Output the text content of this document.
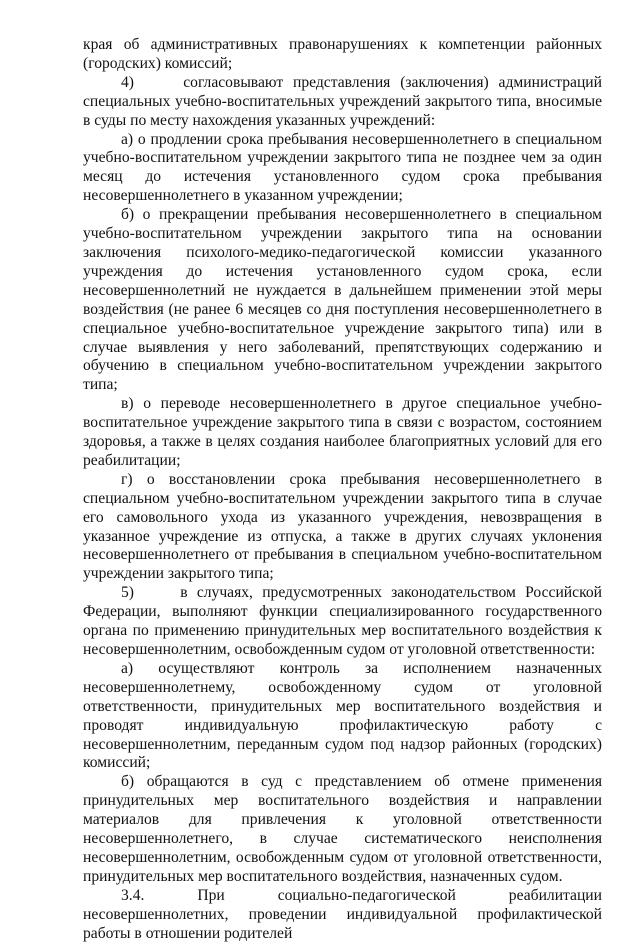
края об административных правонарушениях к компетенции районных (городских) комиссий;

4)     согласовывают представления (заключения) администраций специальных учебно-воспитательных учреждений закрытого типа, вносимые в суды по месту нахождения указанных учреждений:

а) о продлении срока пребывания несовершеннолетнего в специальном учебно-воспитательном учреждении закрытого типа не позднее чем за один месяц до истечения установленного судом срока пребывания несовершеннолетнего в указанном учреждении;

б) о прекращении пребывания несовершеннолетнего в специальном учебно-воспитательном учреждении закрытого типа на основании заключения психолого-медико-педагогической комиссии указанного учреждения до истечения установленного судом срока, если несовершеннолетний не нуждается в дальнейшем применении этой меры воздействия (не ранее 6 месяцев со дня поступления несовершеннолетнего в специальное учебно-воспитательное учреждение закрытого типа) или в случае выявления у него заболеваний, препятствующих содержанию и обучению в специальном учебно-воспитательном учреждении закрытого типа;

в) о переводе несовершеннолетнего в другое специальное учебно-воспитательное учреждение закрытого типа в связи с возрастом, состоянием здоровья, а также в целях создания наиболее благоприятных условий для его реабилитации;

г) о восстановлении срока пребывания несовершеннолетнего в специальном учебно-воспитательном учреждении закрытого типа в случае его самовольного ухода из указанного учреждения, невозвращения в указанное учреждение из отпуска, а также в других случаях уклонения несовершеннолетнего от пребывания в специальном учебно-воспитательном учреждении закрытого типа;

5)     в случаях, предусмотренных законодательством Российской Федерации, выполняют функции специализированного государственного органа по применению принудительных мер воспитательного воздействия к несовершеннолетним, освобожденным судом от уголовной ответственности:

а) осуществляют контроль за исполнением назначенных несовершеннолетнему, освобожденному судом от уголовной ответственности, принудительных мер воспитательного воздействия и проводят индивидуальную профилактическую работу с несовершеннолетним, переданным судом под надзор районных (городских) комиссий;

б) обращаются в суд с представлением об отмене применения принудительных мер воспитательного воздействия и направлении материалов для привлечения к уголовной ответственности несовершеннолетнего, в случае систематического неисполнения несовершеннолетним, освобожденным судом от уголовной ответственности, принудительных мер воспитательного воздействия, назначенных судом.

3.4. При социально-педагогической реабилитации несовершеннолетних, проведении индивидуальной профилактической работы в отношении родителей
